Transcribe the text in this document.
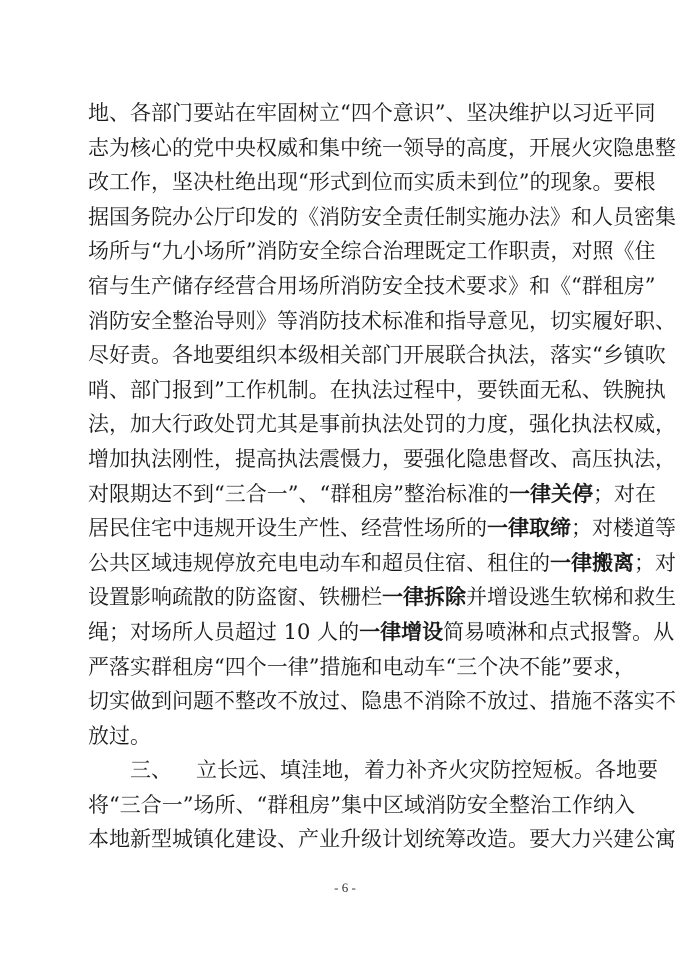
地、各部门要站在牢固树立“四个意识”、坚决维护以习近平同
志为核心的党中央权威和集中统一领导的高度，开展火灾隐患整
改工作，坚决杜绝出现“形式到位而实质未到位”的现象。要根
据国务院办公厅印发的《消防安全责任制实施办法》和人员密集
场所与“九小场所”消防安全综合治理既定工作职责，对照《住
宿与生产储存经营合用场所消防安全技术要求》和《“群租房”
消防安全整治导则》等消防技术标准和指导意见，切实履好职、
尽好责。各地要组织本级相关部门开展联合执法，落实“乡镇吹
哨、部门报到”工作机制。在执法过程中，要铁面无私、铁腕执
法，加大行政处罚尤其是事前执法处罚的力度，强化执法权威，
增加执法刚性，提高执法震慑力，要强化隐患督改、高压执法，
对限期达不到“三合一”、“群租房”整治标准的一律关停；对在
居民住宅中违规开设生产性、经营性场所的一律取缔；对楼道等
公共区域违规停放充电电动车和超员住宿、租住的一律搬离；对
设置影响疏散的防盗窗、铁栅栏一律拆除并增设逃生软梯和救生
绳；对场所人员超过 10 人的一律增设简易喷淋和点式报警。从
严落实群租房“四个一律”措施和电动车“三个决不能”要求，
切实做到问题不整改不放过、隐患不消除不放过、措施不落实不
放过。
三、 立长远、填洼地，着力补齐火灾防控短板。各地要
将“三合一”场所、“群租房”集中区域消防安全整治工作纳入
本地新型城镇化建设、产业升级计划统筹改造。要大力兴建公寓
- 6 -
